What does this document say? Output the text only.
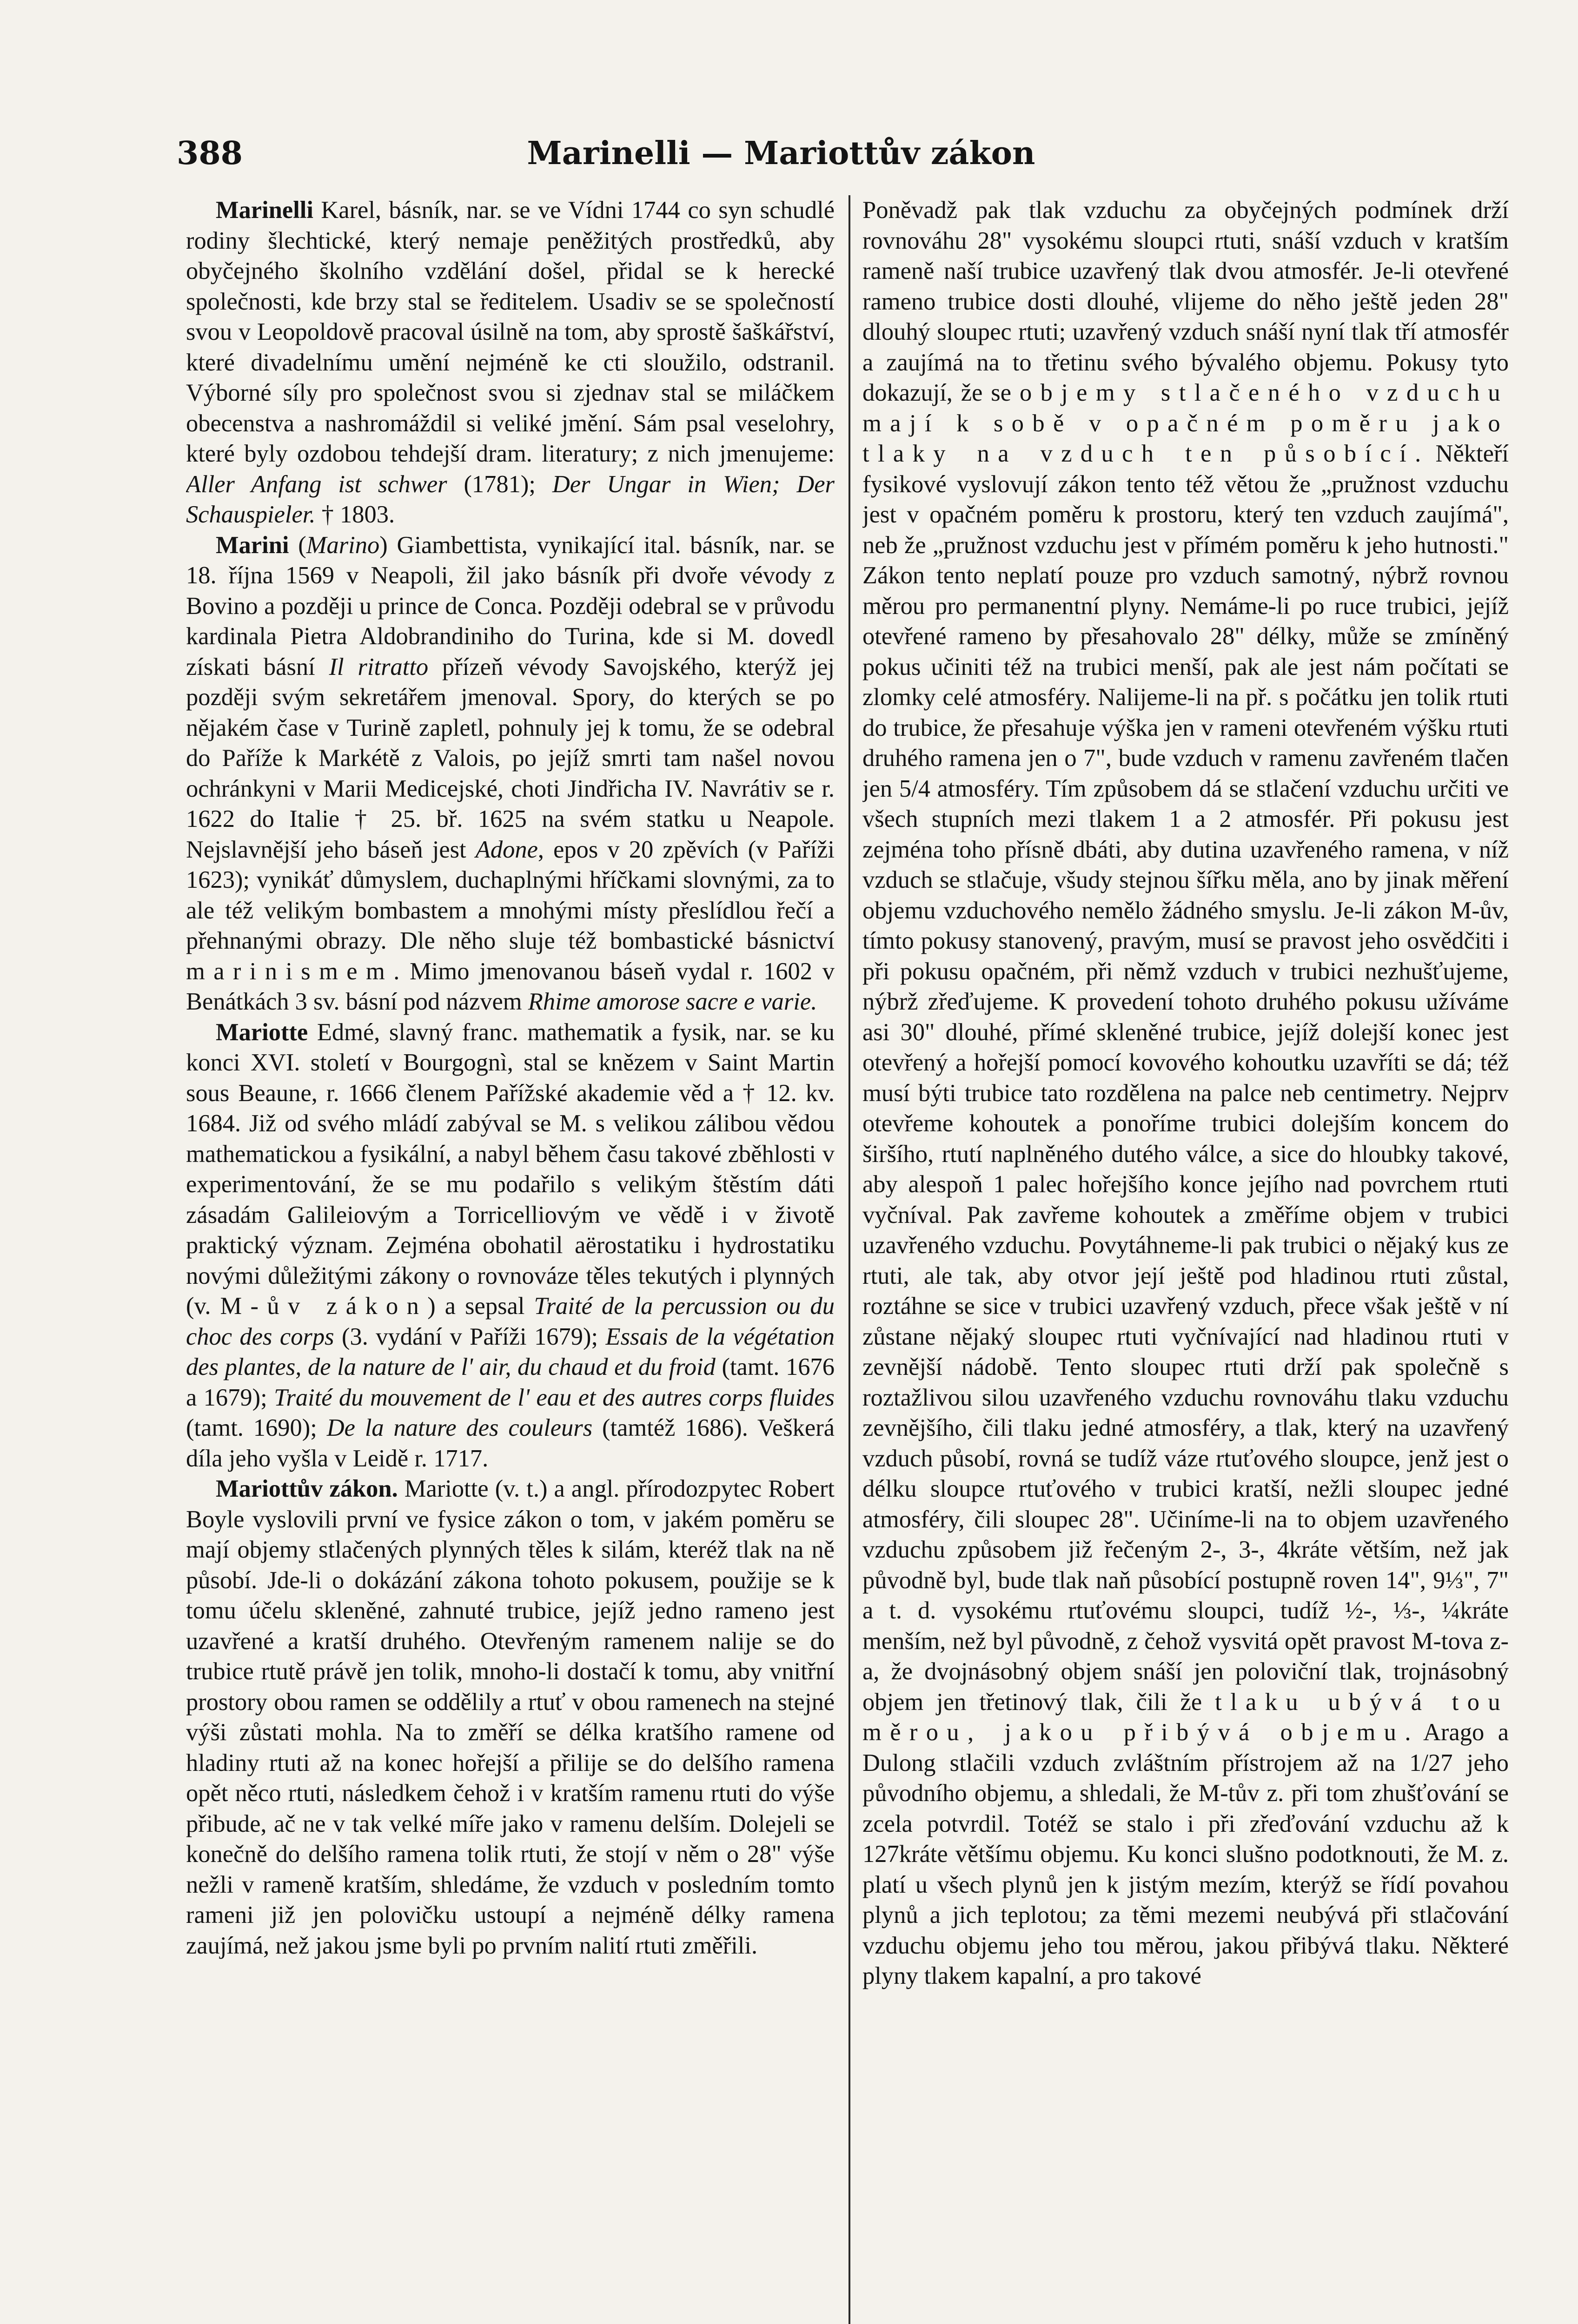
388	Marinelli — Mariottův zákon

Marinelli Karel, básník, nar. se ve Vídni 1744 co syn schudlé rodiny šlechtické, který nemaje peněžitých prostředků, aby obyčejného školního vzdělání došel, přidal se k herecké společnosti, kde brzy stal se ředitelem. Usadiv se se společností svou v Leopoldově pracoval úsilně na tom, aby sprostě šaškářství, které divadelnímu umění nejméně ke cti sloužilo, odstranil. Výborné síly pro společnost svou si zjednav stal se miláčkem obecenstva a nashromáždil si veliké jmění. Sám psal veselohry, které byly ozdobou tehdejší dram. literatury; z nich jmenujeme: Aller Anfang ist schwer (1781); Der Ungar in Wien; Der Schauspieler. † 1803.

Marini (Marino) Giambettista, vynikající ital. básník, nar. se 18. října 1569 v Neapoli, žil jako básník při dvoře vévody z Bovino a později u prince de Conca. Později odebral se v průvodu kardinala Pietra Aldobrandiniho do Turina, kde si M. dovedl získati básní Il ritratto přízeň vévody Savojského, kterýž jej později svým sekretářem jmenoval. Spory, do kterých se po nějakém čase v Turině zapletl, pohnuly jej k tomu, že se odebral do Paříže k Markétě z Valois, po jejíž smrti tam našel novou ochránkyni v Marii Medicejské, choti Jindřicha IV. Navrátiv se r. 1622 do Italie † 25. bř. 1625 na svém statku u Neapole. Nejslavnější jeho báseň jest Adone, epos v 20 zpěvích (v Paříži 1623); vynikáť důmyslem, duchaplnými hříčkami slovnými, za to ale též velikým bombastem a mnohými místy přeslídlou řečí a přehnanými obrazy. Dle něho sluje též bombastické básnictví marinismem. Mimo jmenovanou báseň vydal r. 1602 v Benátkách 3 sv. básní pod názvem Rhime amorose sacre e varie.

Mariotte Edmé, slavný franc. mathematik a fysik, nar. se ku konci XVI. století v Bourgognì, stal se knězem v Saint Martin sous Beaune, r. 1666 členem Pařížské akademie věd a † 12. kv. 1684. Již od svého mládí zabýval se M. s velikou zálibou vědou mathematickou a fysikální, a nabyl během času takové zběhlosti v experimentování, že se mu podařilo s velikým štěstím dáti zásadám Galileiovým a Torricelliovým ve vědě i v životě praktický význam. Zejména obohatil aërostatiku i hydrostatiku novými důležitými zákony o rovnováze těles tekutých i plynných (v. M-ův zákon) a sepsal Traité de la percussion ou du choc des corps (3. vydání v Paříži 1679); Essais de la végétation des plantes, de la nature de l' air, du chaud et du froid (tamt. 1676 a 1679); Traité du mouvement de l' eau et des autres corps fluides (tamt. 1690); De la nature des couleurs (tamtéž 1686). Veškerá díla jeho vyšla v Leidě r. 1717.

Mariottův zákon. Mariotte (v. t.) a angl. přírodozpytec Robert Boyle vyslovili první ve fysice zákon o tom, v jakém poměru se mají objemy stlačených plynných těles k silám, kteréž tlak na ně působí. Jde-li o dokázání zákona tohoto pokusem, použije se k tomu účelu skleněné, zahnuté trubice, jejíž jedno rameno jest uzavřené a kratší druhého. Otevřeným ramenem nalije se do trubice rtutě právě jen tolik, mnoho-li dostačí k tomu, aby vnitřní prostory obou ramen se oddělily a rtuť v obou ramenech na stejné výši zůstati mohla. Na to změří se délka kratšího ramene od hladiny rtuti až na konec hořejší a přilije se do delšího ramena opět něco rtuti, následkem čehož i v kratším ramenu rtuti do výše přibude, ač ne v tak velké míře jako v ramenu delším. Dolejeli se konečně do delšího ramena tolik rtuti, že stojí v něm o 28" výše nežli v rameně kratším, shledáme, že vzduch v posledním tomto rameni již jen polovičku ustoupí a nejméně délky ramena zaujímá, než jakou jsme byli po prvním nalití rtuti změřili.

Poněvadž pak tlak vzduchu za obyčejných podmínek drží rovnováhu 28" vysokému sloupci rtuti, snáší vzduch v kratším rameně naší trubice uzavřený tlak dvou atmosfér. Je-li otevřené rameno trubice dosti dlouhé, vlijeme do něho ještě jeden 28" dlouhý sloupec rtuti; uzavřený vzduch snáší nyní tlak tří atmosfér a zaujímá na to třetinu svého bývalého objemu. Pokusy tyto dokazují, že se objemy stlačeného vzduchu mají k sobě v opačném poměru jako tlaky na vzduch ten působící. Někteří fysikové vyslovují zákon tento též větou že „pružnost vzduchu jest v opačném poměru k prostoru, který ten vzduch zaujímá", neb že „pružnost vzduchu jest v přímém poměru k jeho hutnosti." Zákon tento neplatí pouze pro vzduch samotný, nýbrž rovnou měrou pro permanentní plyny. Nemáme-li po ruce trubici, jejíž otevřené rameno by přesahovalo 28" délky, může se zmíněný pokus učiniti též na trubici menší, pak ale jest nám počítati se zlomky celé atmosféry. Nalijeme-li na př. s počátku jen tolik rtuti do trubice, že přesahuje výška jen v rameni otevřeném výšku rtuti druhého ramena jen o 7", bude vzduch v ramenu zavřeném tlačen jen 5/4 atmosféry. Tím způsobem dá se stlačení vzduchu určiti ve všech stupních mezi tlakem 1 a 2 atmosfér. Při pokusu jest zejména toho přísně dbáti, aby dutina uzavřeného ramena, v níž vzduch se stlačuje, všudy stejnou šířku měla, ano by jinak měření objemu vzduchového nemělo žádného smyslu. Je-li zákon M-ův, tímto pokusy stanovený, pravým, musí se pravost jeho osvědčiti i při pokusu opačném, při němž vzduch v trubici nezhušťujeme, nýbrž zřeďujeme. K provedení tohoto druhého pokusu užíváme asi 30" dlouhé, přímé skleněné trubice, jejíž dolejší konec jest otevřený a hořejší pomocí kovového kohoutku uzavříti se dá; též musí býti trubice tato rozdělena na palce neb centimetry. Nejprv otevřeme kohoutek a ponoříme trubici dolejším koncem do širšího, rtutí naplněného dutého válce, a sice do hloubky takové, aby alespoň 1 palec hořejšího konce jejího nad povrchem rtuti vyčníval. Pak zavřeme kohoutek a změříme objem v trubici uzavřeného vzduchu. Povytáhneme-li pak trubici o nějaký kus ze rtuti, ale tak, aby otvor její ještě pod hladinou rtuti zůstal, roztáhne se sice v trubici uzavřený vzduch, přece však ještě v ní zůstane nějaký sloupec rtuti vyčnívající nad hladinou rtuti v zevnější nádobě. Tento sloupec rtuti drží pak společně s roztažlivou silou uzavřeného vzduchu rovnováhu tlaku vzduchu zevnějšího, čili tlaku jedné atmosféry, a tlak, který na uzavřený vzduch působí, rovná se tudíž váze rtuťového sloupce, jenž jest o délku sloupce rtuťového v trubici kratší, nežli sloupec jedné atmosféry, čili sloupec 28". Učiníme-li na to objem uzavřeného vzduchu způsobem již řečeným 2-, 3-, 4kráte větším, než jak původně byl, bude tlak naň působící postupně roven 14", 9⅓", 7" a t. d. vysokému rtuťovému sloupci, tudíž ½-, ⅓-, ¼kráte menším, než byl původně, z čehož vysvitá opět pravost M-tova z-a, že dvojnásobný objem snáší jen poloviční tlak, trojnásobný objem jen třetinový tlak, čili že tlaku ubývá tou měrou, jakou přibývá objemu. Arago a Dulong stlačili vzduch zvláštním přístrojem až na 1/27 jeho původního objemu, a shledali, že M-tův z. při tom zhušťování se zcela potvrdil. Totéž se stalo i při zřeďování vzduchu až k 127kráte většímu objemu. Ku konci slušno podotknouti, že M. z. platí u všech plynů jen k jistým mezím, kterýž se řídí povahou plynů a jich teplotou; za těmi mezemi neubývá při stlačování vzduchu objemu jeho tou měrou, jakou přibývá tlaku. Některé plyny tlakem kapalní, a pro takové
